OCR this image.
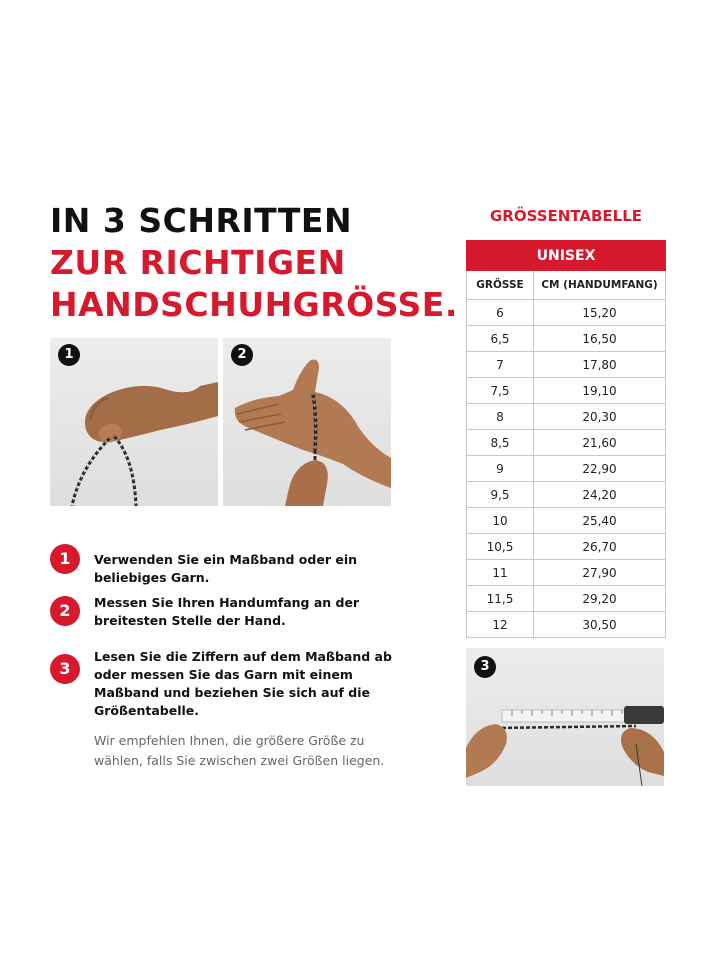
IN 3 SCHRITTEN
ZUR RICHTIGEN
HANDSCHUHGRÖSSE.
1	2
1	Verwenden Sie ein Maßband oder ein beliebiges Garn.
2	Messen Sie Ihren Handumfang an der breitesten Stelle der Hand.
3
Lesen Sie die Ziffern auf dem Maßband ab oder messen Sie das Garn mit einem Maßband und beziehen Sie sich auf die Größentabelle.

Wir empfehlen Ihnen, die größere Größe zu wählen, falls Sie zwischen zwei Größen liegen.

GRÖSSENTABELLE
UNISEX	
GRÖSSE	CM (HANDUMFANG)
6	15,20
6,5	16,50
7	17,80
7,5	19,10
8	20,30
8,5	21,60
9	22,90
9,5	24,20
10	25,40
10,5	26,70
11	27,90
11,5	29,20
12	30,50
3
